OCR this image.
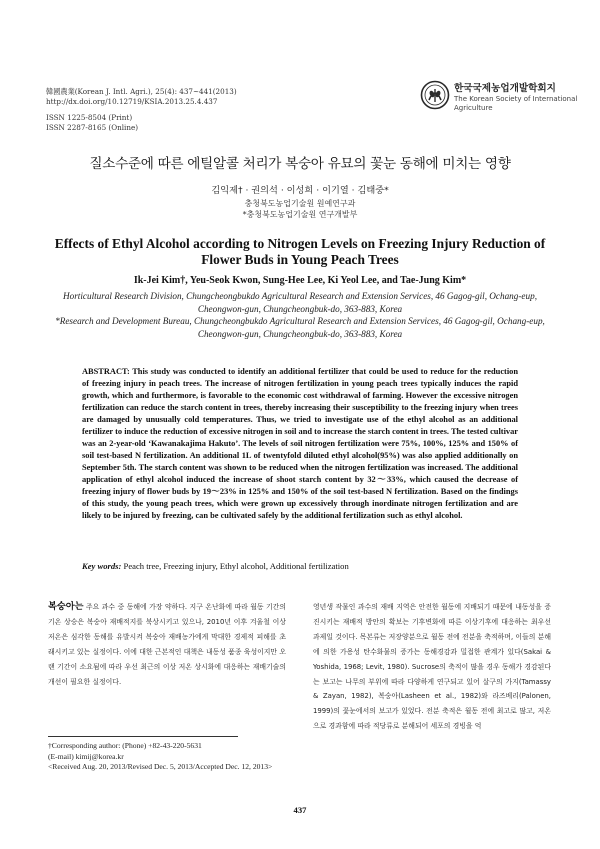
韓國農業(Korean J. Intl. Agri.), 25(4): 437~441(2013)
http://dx.doi.org/10.12719/KSIA.2013.25.4.437
ISSN 1225-8504 (Print)
ISSN 2287-8165 (Online)
한국국제농업개발학회지
The Korean Society of International
Agriculture
질소수준에 따른 에틸알콜 처리가 복숭아 유묘의 꽃눈 동해에 미치는 영향
김익제† · 권의석 · 이성희 · 이기열 · 김태중*
충청북도농업기술원 원예연구과
*충청북도농업기술원 연구개발부
Effects of Ethyl Alcohol according to Nitrogen Levels on Freezing Injury Reduction of Flower Buds in Young Peach Trees
Ik-Jei Kim†, Yeu-Seok Kwon, Sung-Hee Lee, Ki Yeol Lee, and Tae-Jung Kim*
Horticultural Research Division, Chungcheongbukdo Agricultural Research and Extension Services, 46 Gagog-gil, Ochang-eup, Cheongwon-gun, Chungcheongbuk-do, 363-883, Korea
*Research and Development Bureau, Chungcheongbukdo Agricultural Research and Extension Services, 46 Gagog-gil, Ochang-eup, Cheongwon-gun, Chungcheongbuk-do, 363-883, Korea
ABSTRACT: This study was conducted to identify an additional fertilizer that could be used to reduce for the reduction of freezing injury in peach trees. The increase of nitrogen fertilization in young peach trees typically induces the rapid growth, which and furthermore, is favorable to the economic cost withdrawal of farming. However the excessive nitrogen fertilization can reduce the starch content in trees, thereby increasing their susceptibility to the freezing injury when trees are damaged by unusually cold temperatures. Thus, we tried to investigate use of the ethyl alcohol as an additional fertilizer to induce the reduction of excessive nitrogen in soil and to increase the starch content in trees. The tested cultivar was an 2-year-old ‘Kawanakajima Hakuto’. The levels of soil nitrogen fertilization were 75%, 100%, 125% and 150% of soil test-based N fertilization. An additional 1L of twentyfold diluted ethyl alcohol(95%) was also applied additionally on September 5th. The starch content was shown to be reduced when the nitrogen fertilization was increased. The additional application of ethyl alcohol induced the increase of shoot starch content by 32～33%, which caused the decrease of freezing injury of flower buds by 19～23% in 125% and 150% of the soil test-based N fertilization. Based on the findings of this study, the young peach trees, which were grown up excessively through inordinate nitrogen fertilization and are likely to be injured by freezing, can be cultivated safely by the additional fertilization such as ethyl alcohol.
Key words: Peach tree, Freezing injury, Ethyl alcohol, Additional fertilization
복숭아는 주요 과수 중 동해에 가장 약하다. 지구 온난화에 따라 월동 기간의 기온 상승은 복숭아 재배적지를 북상시키고 있으나, 2010년 이후 겨울철 이상저온은 심각한 동해를 유발시켜 복숭아 재배농가에게 막대한 경제적 피해를 초래시키고 있는 실정이다. 이에 대한 근본적인 대책은 내동성 품종 육성이지만 오랜 기간이 소요됨에 따라 우선 최근의 이상 저온 상시화에 대응하는 재배기술의 개선이 필요한 실정이다.
영년생 작물인 과수의 재배 지역은 안전한 월동에 지배되기 때문에 내동성을 증진시키는 재배적 방안의 확보는 기후변화에 따른 이상기후에 대응하는 최우선 과제일 것이다. 목본류는 저장양분으로 월동 전에 전분을 축적하며, 이들의 분해에 의한 가용성 탄수화물의 증가는 동해경감과 밀접한 관계가 있다(Sakai & Yoshida, 1968; Levit, 1980). Sucrose의 축적이 많을 경우 동해가 경감된다는 보고는 나무의 부위에 따라 다양하게 연구되고 있어 살구의 가지(Tamassy & Zayan, 1982), 복숭아(Lasheen et al., 1982)와 라즈베리(Palonen, 1999)의 꽃눈에서의 보고가 있었다. 전분 축적은 월동 전에 최고로 많고, 저온으로 경과함에 따라 적당류로 분해되어 세포의 경빙을 억
†Corresponding author: (Phone) +82-43-220-5631
(E-mail) kimij@korea.kr
<Received Aug. 20, 2013/Revised Dec. 5, 2013/Accepted Dec. 12, 2013>
437
